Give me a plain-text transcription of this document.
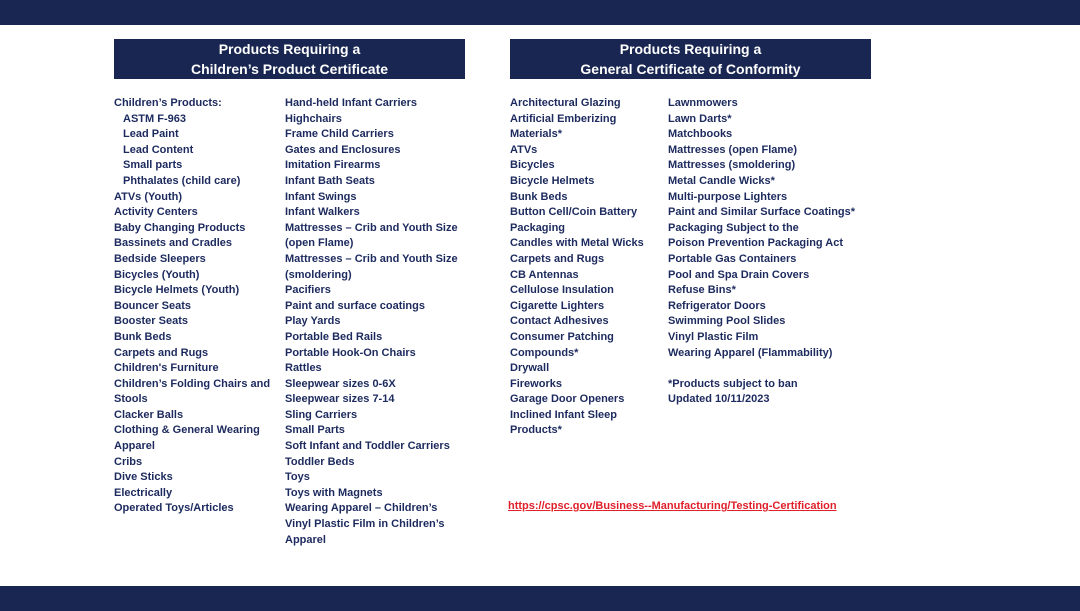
Products Requiring a
Children’s Product Certificate
Products Requiring a
General Certificate of Conformity
Children’s Products:
ASTM F-963
Lead Paint
Lead Content
Small parts
Phthalates (child care)
ATVs (Youth)
Activity Centers
Baby Changing Products
Bassinets and Cradles
Bedside Sleepers
Bicycles (Youth)
Bicycle Helmets (Youth)
Bouncer Seats
Booster Seats
Bunk Beds
Carpets and Rugs
Children's Furniture
Children’s Folding Chairs and
Stools
Clacker Balls
Clothing & General Wearing
Apparel
Cribs
Dive Sticks
Electrically
Operated Toys/Articles
Hand-held Infant Carriers
Highchairs
Frame Child Carriers
Gates and Enclosures
Imitation Firearms
Infant Bath Seats
Infant Swings
Infant Walkers
Mattresses – Crib and Youth Size
(open Flame)
Mattresses – Crib and Youth Size
(smoldering)
Pacifiers
Paint and surface coatings
Play Yards
Portable Bed Rails
Portable Hook-On Chairs
Rattles
Sleepwear sizes 0-6X
Sleepwear sizes 7-14
Sling Carriers
Small Parts
Soft Infant and Toddler Carriers
Toddler Beds
Toys
Toys with Magnets
Wearing Apparel – Children’s
Vinyl Plastic Film in Children’s
Apparel
Architectural Glazing
Artificial Emberizing
Materials*
ATVs
Bicycles
Bicycle Helmets
Bunk Beds
Button Cell/Coin Battery
Packaging
Candles with Metal Wicks
Carpets and Rugs
CB Antennas
Cellulose Insulation
Cigarette Lighters
Contact Adhesives
Consumer Patching
Compounds*
Drywall
Fireworks
Garage Door Openers
Inclined Infant Sleep
Products*
Lawnmowers
Lawn Darts*
Matchbooks
Mattresses (open Flame)
Mattresses (smoldering)
Metal Candle Wicks*
Multi-purpose Lighters
Paint and Similar Surface Coatings*
Packaging Subject to the
Poison Prevention Packaging Act
Portable Gas Containers
Pool and Spa Drain Covers
Refuse Bins*
Refrigerator Doors
Swimming Pool Slides
Vinyl Plastic Film
Wearing Apparel (Flammability)
*Products subject to ban
Updated 10/11/2023
https://cpsc.gov/Business--Manufacturing/Testing-Certification
